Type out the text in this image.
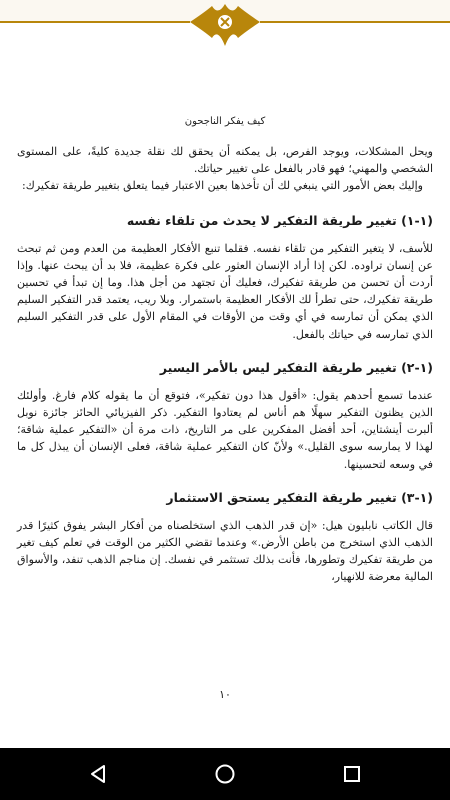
كيف يفكر الناجحون

ويحل المشكلات، ويوجد الفرص، بل يمكنه أن يحقق لك نقلة جديدة كليةً، على المستوى الشخصي والمهني؛ فهو قادر بالفعل على تغيير حياتك.

وإليك بعض الأمور التي ينبغي لك أن تأخذها بعين الاعتبار فيما يتعلق بتغيير طريقة تفكيرك:

(١-١) تغيير طريقة التفكير لا يحدث من تلقاء نفسه

للأسف، لا يتغير التفكير من تلقاء نفسه. فقلما تنبع الأفكار العظيمة من العدم ومن ثم تبحث عن إنسان تراوده. لكن إذا أراد الإنسان العثور على فكرة عظيمة، فلا بد أن يبحث عنها. وإذا أردت أن تحسن من طريقة تفكيرك، فعليك أن تجتهد من أجل هذا. وما إن تبدأ في تحسين طريقة تفكيرك، حتى تطرأ لك الأفكار العظيمة باستمرار. وبلا ريب، يعتمد قدر التفكير السليم الذي يمكن أن تمارسه في أي وقت من الأوقات في المقام الأول على قدر التفكير السليم الذي تمارسه في حياتك بالفعل.

(١-٢) تغيير طريقة التفكير ليس بالأمر اليسير

عندما تسمع أحدهم يقول: «أقول هذا دون تفكير»، فتوقع أن ما يقوله كلام فارغ. وأولئك الذين يظنون التفكير سهلًا هم أناس لم يعتادوا التفكير. ذكر الفيزيائي الحائز جائزة نوبل ألبرت أينشتاين، أحد أفضل المفكرين على مر التاريخ، ذات مرة أن «التفكير عملية شاقة؛ لهذا لا يمارسه سوى القليل.» ولأنّ كان التفكير عملية شاقة، فعلى الإنسان أن يبذل كل ما في وسعه لتحسينها.

(١-٣) تغيير طريقة التفكير يستحق الاستثمار

قال الكاتب نابليون هيل: «إن قدر الذهب الذي استخلصناه من أفكار البشر يفوق كثيرًا قدر الذهب الذي استخرج من باطن الأرض.» وعندما تقضي الكثير من الوقت في تعلم كيف تغير من طريقة تفكيرك وتطورها، فأنت بذلك تستثمر في نفسك. إن مناجم الذهب تنفد، والأسواق المالية معرضة للانهيار،

١٠
